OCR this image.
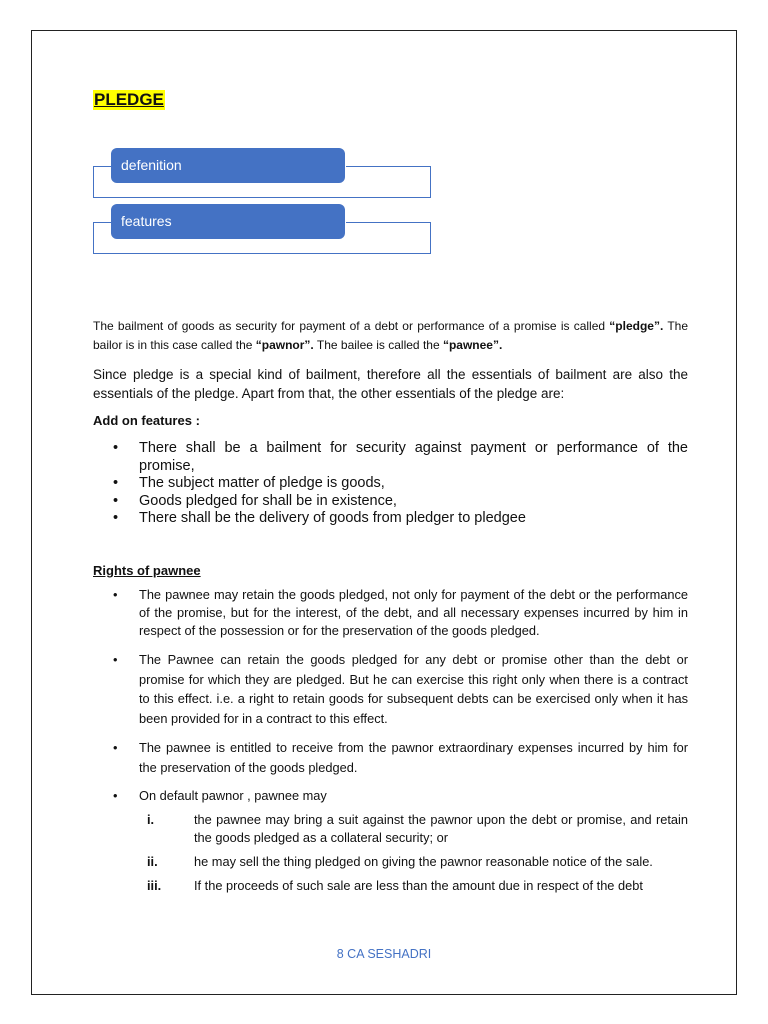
PLEDGE
defenition
features
The bailment of goods as security for payment of a debt or performance of a promise is called “pledge”. The bailor is in this case called the “pawnor”. The bailee is called the “pawnee”.
Since pledge is a special kind of bailment, therefore all the essentials of bailment are also the essentials of the pledge. Apart from that, the other essentials of the pledge are:
Add on features :
• There shall be a bailment for security against payment or performance of the promise,
• The subject matter of pledge is goods,
• Goods pledged for shall be in existence,
• There shall be the delivery of goods from pledger to pledgee
Rights of pawnee
• The pawnee may retain the goods pledged, not only for payment of the debt or the performance of the promise, but for the interest, of the debt, and all necessary expenses incurred by him in respect of the possession or for the preservation of the goods pledged.
• The Pawnee can retain the goods pledged for any debt or promise other than the debt or promise for which they are pledged. But he can exercise this right only when there is a contract to this effect. i.e. a right to retain goods for subsequent debts can be exercised only when it has been provided for in a contract to this effect.
• The pawnee is entitled to receive from the pawnor extraordinary expenses incurred by him for the preservation of the goods pledged.
• On default pawnor , pawnee may
i.	the pawnee may bring a suit against the pawnor upon the debt or promise, and retain the goods pledged as a collateral security; or
ii.	he may sell the thing pledged on giving the pawnor reasonable notice of the sale.
iii.	If the proceeds of such sale are less than the amount due in respect of the debt
8 CA SESHADRI
